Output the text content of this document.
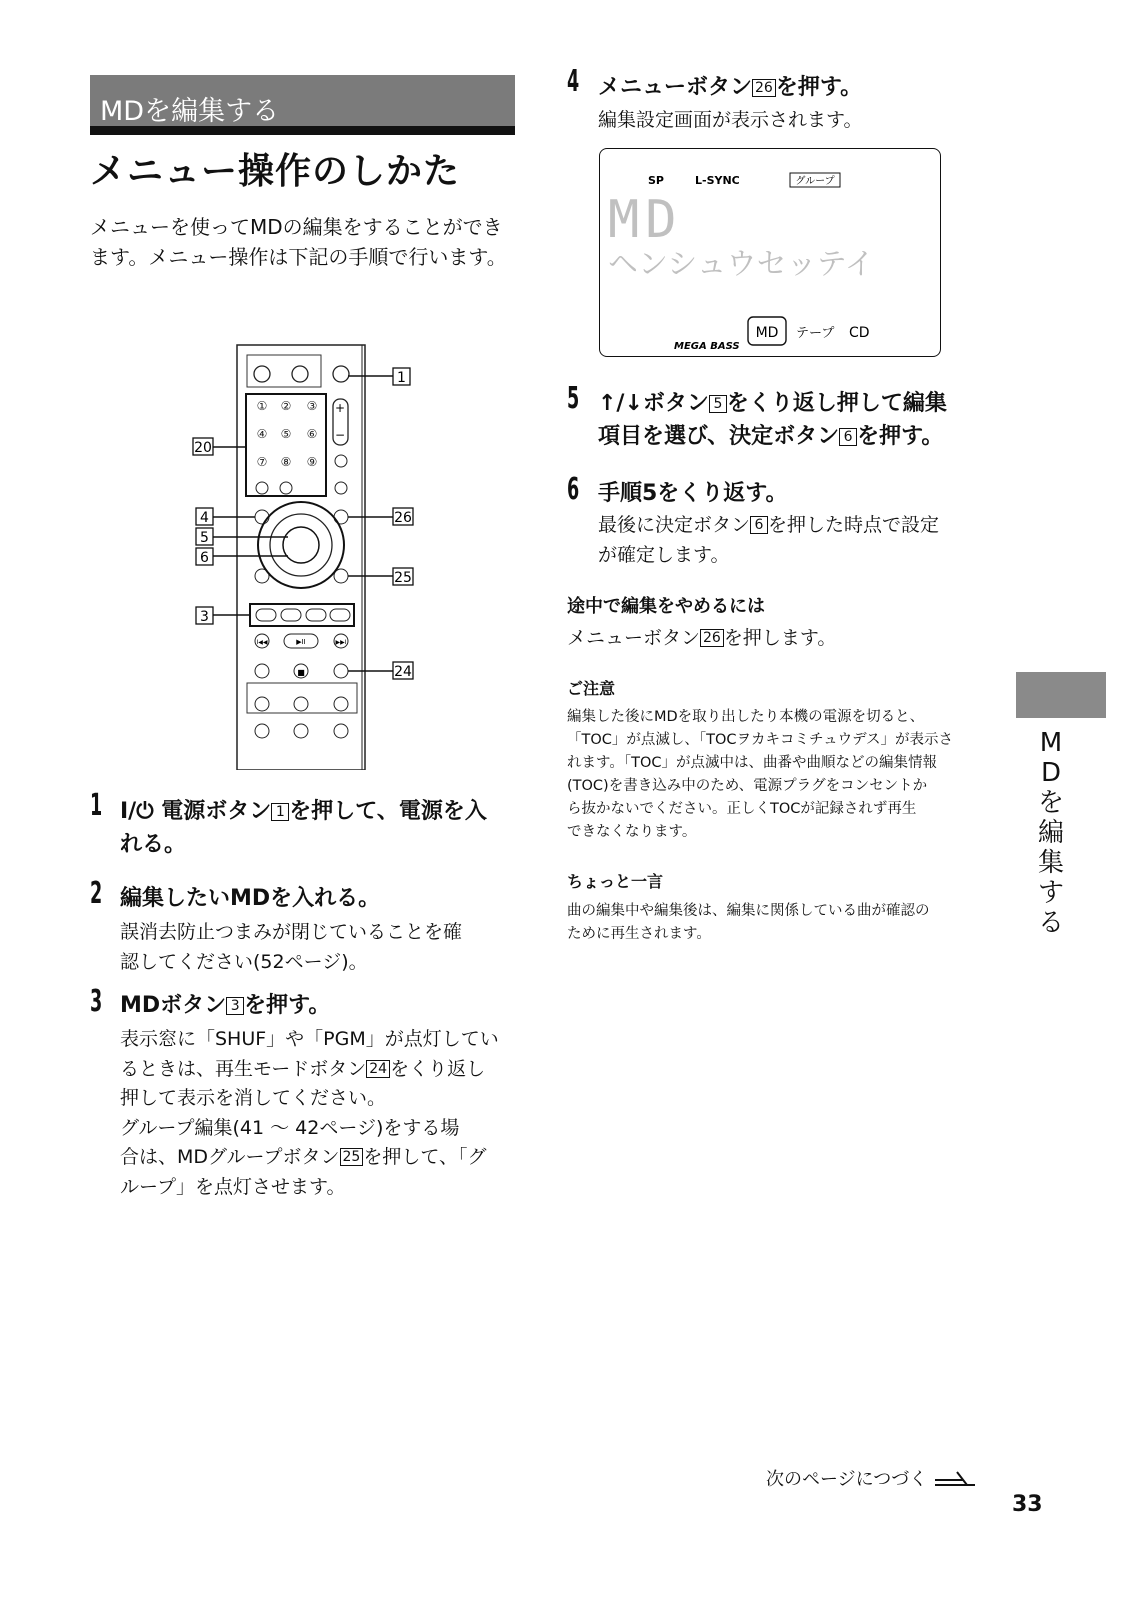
MDを編集する
メニュー操作のしかた
メニューを使ってMDの編集をすることができます。メニュー操作は下記の手順で行います。
① ② ③
④ ⑤ ⑥
⑦ ⑧ ⑨
+
−
I◀◀	▶II	▶▶I
■
1
20
4
5
6
26
25
3
24
1 I/⏻ 電源ボタン 1 を押して、電源を入
れる。
2 編集したいMDを入れる。
誤消去防止つまみが閉じていることを確
認してください(52ページ)。
3 MDボタン 3 を押す。
表示窓に「SHUF」や「PGM」が点灯してい
るときは、再生モードボタン 24 をくり返し
押して表示を消してください。
グループ編集(41 ～ 42ページ)をする場
合は、MDグループボタン 25 を押して、「グ
ループ」を点灯させます。
4 メニューボタン 26 を押す。
編集設定画面が表示されます。
SP	L-SYNC	グループ
MD
ヘンシュウセッテイ
MEGA BASS
MD テープ CD
5 ↑/↓ボタン 5 をくり返し押して編集
項目を選び、決定ボタン 6 を押す。
6 手順5をくり返す。
最後に決定ボタン 6 を押した時点で設定
が確定します。
途中で編集をやめるには
メニューボタン 26 を押します。
ご注意
編集した後にMDを取り出したり本機の電源を切ると、
「TOC」が点滅し、「TOCヲカキコミチュウデス」が表示さ
れます。「TOC」が点滅中は、曲番や曲順などの編集情報
(TOC)を書き込み中のため、電源プラグをコンセントか
ら抜かないでください。正しくTOCが記録されず再生
できなくなります。
ちょっと一言
曲の編集中や編集後は、編集に関係している曲が確認の
ために再生されます。
M
D
を
編
集
す
る
次のページにつづく
33
